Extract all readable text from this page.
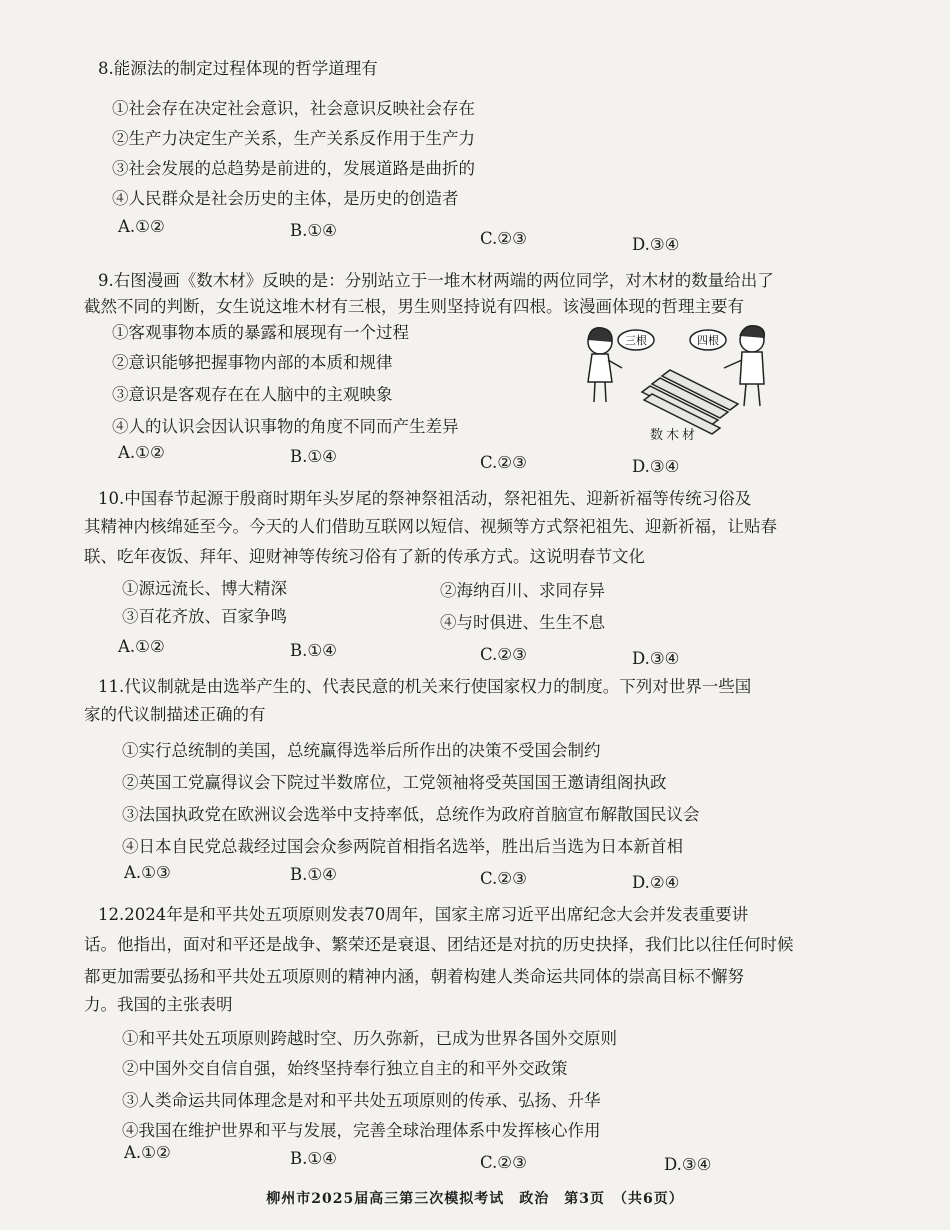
8.能源法的制定过程体现的哲学道理有
①社会存在决定社会意识，社会意识反映社会存在
②生产力决定生产关系，生产关系反作用于生产力
③社会发展的总趋势是前进的，发展道路是曲折的
④人民群众是社会历史的主体，是历史的创造者
A.①②	B.①④	C.②③	D.③④
9.右图漫画《数木材》反映的是：分别站立于一堆木材两端的两位同学，对木材的数量给出了
截然不同的判断，女生说这堆木材有三根，男生则坚持说有四根。该漫画体现的哲理主要有
①客观事物本质的暴露和展现有一个过程
②意识能够把握事物内部的本质和规律
③意识是客观存在在人脑中的主观映象
④人的认识会因认识事物的角度不同而产生差异
A.①②	B.①④	C.②③	D.③④
三根	四根
数木材
10.中国春节起源于殷商时期年头岁尾的祭神祭祖活动，祭祀祖先、迎新祈福等传统习俗及
其精神内核绵延至今。今天的人们借助互联网以短信、视频等方式祭祀祖先、迎新祈福，让贴春
联、吃年夜饭、拜年、迎财神等传统习俗有了新的传承方式。这说明春节文化
①源远流长、博大精深	②海纳百川、求同存异
③百花齐放、百家争鸣	④与时俱进、生生不息
A.①②	B.①④	C.②③	D.③④
11.代议制就是由选举产生的、代表民意的机关来行使国家权力的制度。下列对世界一些国
家的代议制描述正确的有
①实行总统制的美国，总统赢得选举后所作出的决策不受国会制约
②英国工党赢得议会下院过半数席位，工党领袖将受英国国王邀请组阁执政
③法国执政党在欧洲议会选举中支持率低，总统作为政府首脑宣布解散国民议会
④日本自民党总裁经过国会众参两院首相指名选举，胜出后当选为日本新首相
A.①③	B.①④	C.②③	D.②④
12.2024年是和平共处五项原则发表70周年，国家主席习近平出席纪念大会并发表重要讲
话。他指出，面对和平还是战争、繁荣还是衰退、团结还是对抗的历史抉择，我们比以往任何时候
都更加需要弘扬和平共处五项原则的精神内涵，朝着构建人类命运共同体的崇高目标不懈努
力。我国的主张表明
①和平共处五项原则跨越时空、历久弥新，已成为世界各国外交原则
②中国外交自信自强，始终坚持奉行独立自主的和平外交政策
③人类命运共同体理念是对和平共处五项原则的传承、弘扬、升华
④我国在维护世界和平与发展，完善全球治理体系中发挥核心作用
A.①②	B.①④	C.②③	D.③④
柳州市2025届高三第三次模拟考试　政治　第3页　（共6页）
